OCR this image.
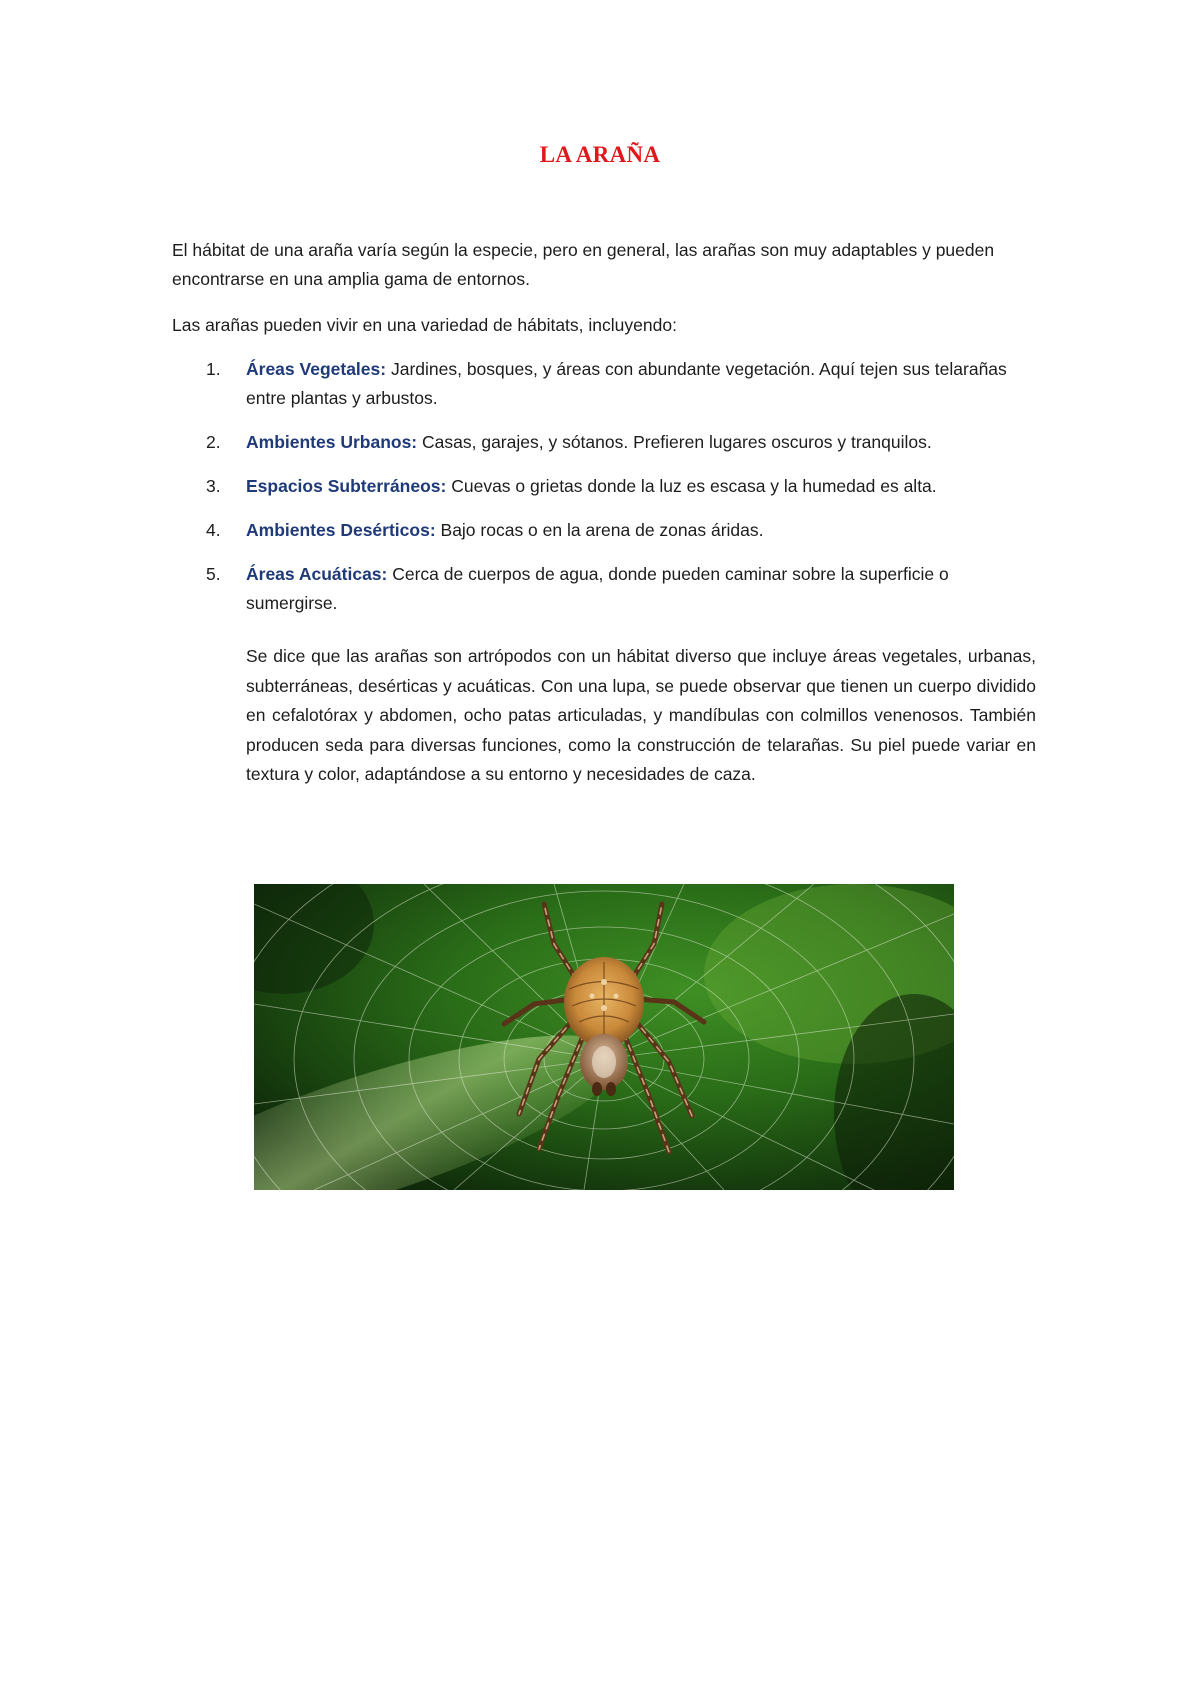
LA ARAÑA

El hábitat de una araña varía según la especie, pero en general, las arañas son muy adaptables y pueden encontrarse en una amplia gama de entornos.

Las arañas pueden vivir en una variedad de hábitats, incluyendo:

1. Áreas Vegetales: Jardines, bosques, y áreas con abundante vegetación. Aquí tejen sus telarañas entre plantas y arbustos.
2. Ambientes Urbanos: Casas, garajes, y sótanos. Prefieren lugares oscuros y tranquilos.
3. Espacios Subterráneos: Cuevas o grietas donde la luz es escasa y la humedad es alta.
4. Ambientes Desérticos: Bajo rocas o en la arena de zonas áridas.
5. Áreas Acuáticas: Cerca de cuerpos de agua, donde pueden caminar sobre la superficie o sumergirse.

Se dice que las arañas son artrópodos con un hábitat diverso que incluye áreas vegetales, urbanas, subterráneas, desérticas y acuáticas. Con una lupa, se puede observar que tienen un cuerpo dividido en cefalotórax y abdomen, ocho patas articuladas, y mandíbulas con colmillos venenosos. También producen seda para diversas funciones, como la construcción de telarañas. Su piel puede variar en textura y color, adaptándose a su entorno y necesidades de caza.
